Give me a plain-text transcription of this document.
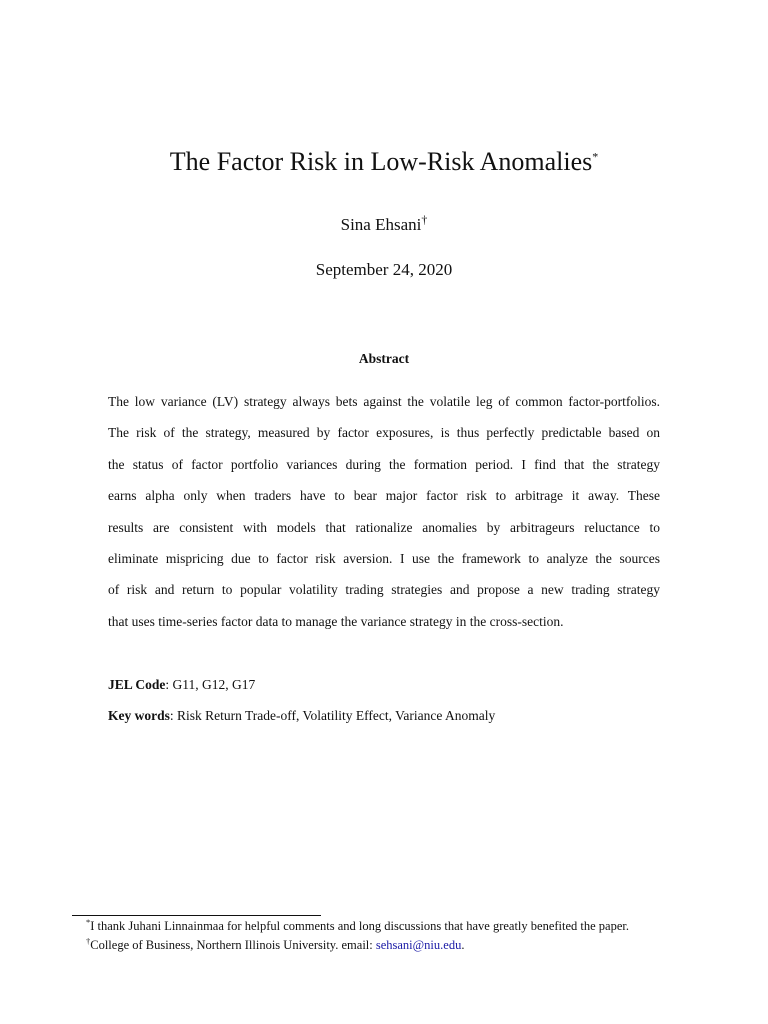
The Factor Risk in Low-Risk Anomalies*
Sina Ehsani†
September 24, 2020
Abstract
The low variance (LV) strategy always bets against the volatile leg of common factor-portfolios.
The risk of the strategy, measured by factor exposures, is thus perfectly predictable based on
the status of factor portfolio variances during the formation period. I find that the strategy
earns alpha only when traders have to bear major factor risk to arbitrage it away. These
results are consistent with models that rationalize anomalies by arbitrageurs reluctance to
eliminate mispricing due to factor risk aversion. I use the framework to analyze the sources
of risk and return to popular volatility trading strategies and propose a new trading strategy
that uses time-series factor data to manage the variance strategy in the cross-section.
JEL Code: G11, G12, G17
Key words: Risk Return Trade-off, Volatility Effect, Variance Anomaly
*I thank Juhani Linnainmaa for helpful comments and long discussions that have greatly benefited the paper.
†College of Business, Northern Illinois University. email: sehsani@niu.edu.
